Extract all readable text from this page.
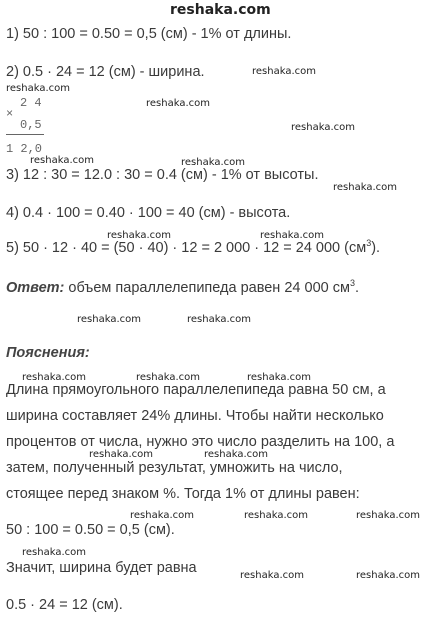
reshaka.com
1) 50 : 100 = 0.50 = 0,5 (см) - 1% от длины.
2) 0.5 · 24 = 12 (см) - ширина.
2 4
×
0,5
1 2,0
3) 12 : 30 = 12.0 : 30 = 0.4 (см) - 1% от высоты.
4) 0.4 · 100 = 0.40 · 100 = 40 (см) - высота.
5) 50 · 12 · 40 = (50 · 40) · 12 = 2 000 · 12 = 24 000 $(см^3)$.
Ответ: объем параллелепипеда равен 24 000 $см^3$.
Пояснения:
Длина прямоугольного параллелепипеда равна 50 см, а
ширина составляет 24% длины. Чтобы найти несколько
процентов от числа, нужно это число разделить на 100, а
затем, полученный результат, умножить на число,
стоящее перед знаком %. Тогда 1% от длины равен:
50 : 100 = 0.50 = 0,5 (см).
Значит, ширина будет равна
0.5 · 24 = 12 (см).
reshaka.com
reshaka.com
reshaka.com
reshaka.com
reshaka.com	reshaka.com
reshaka.com
reshaka.com	reshaka.com
reshaka.com	reshaka.com
reshaka.com	reshaka.com	reshaka.com
reshaka.com	reshaka.com
reshaka.com	reshaka.com	reshaka.com
reshaka.com
reshaka.com	reshaka.com
